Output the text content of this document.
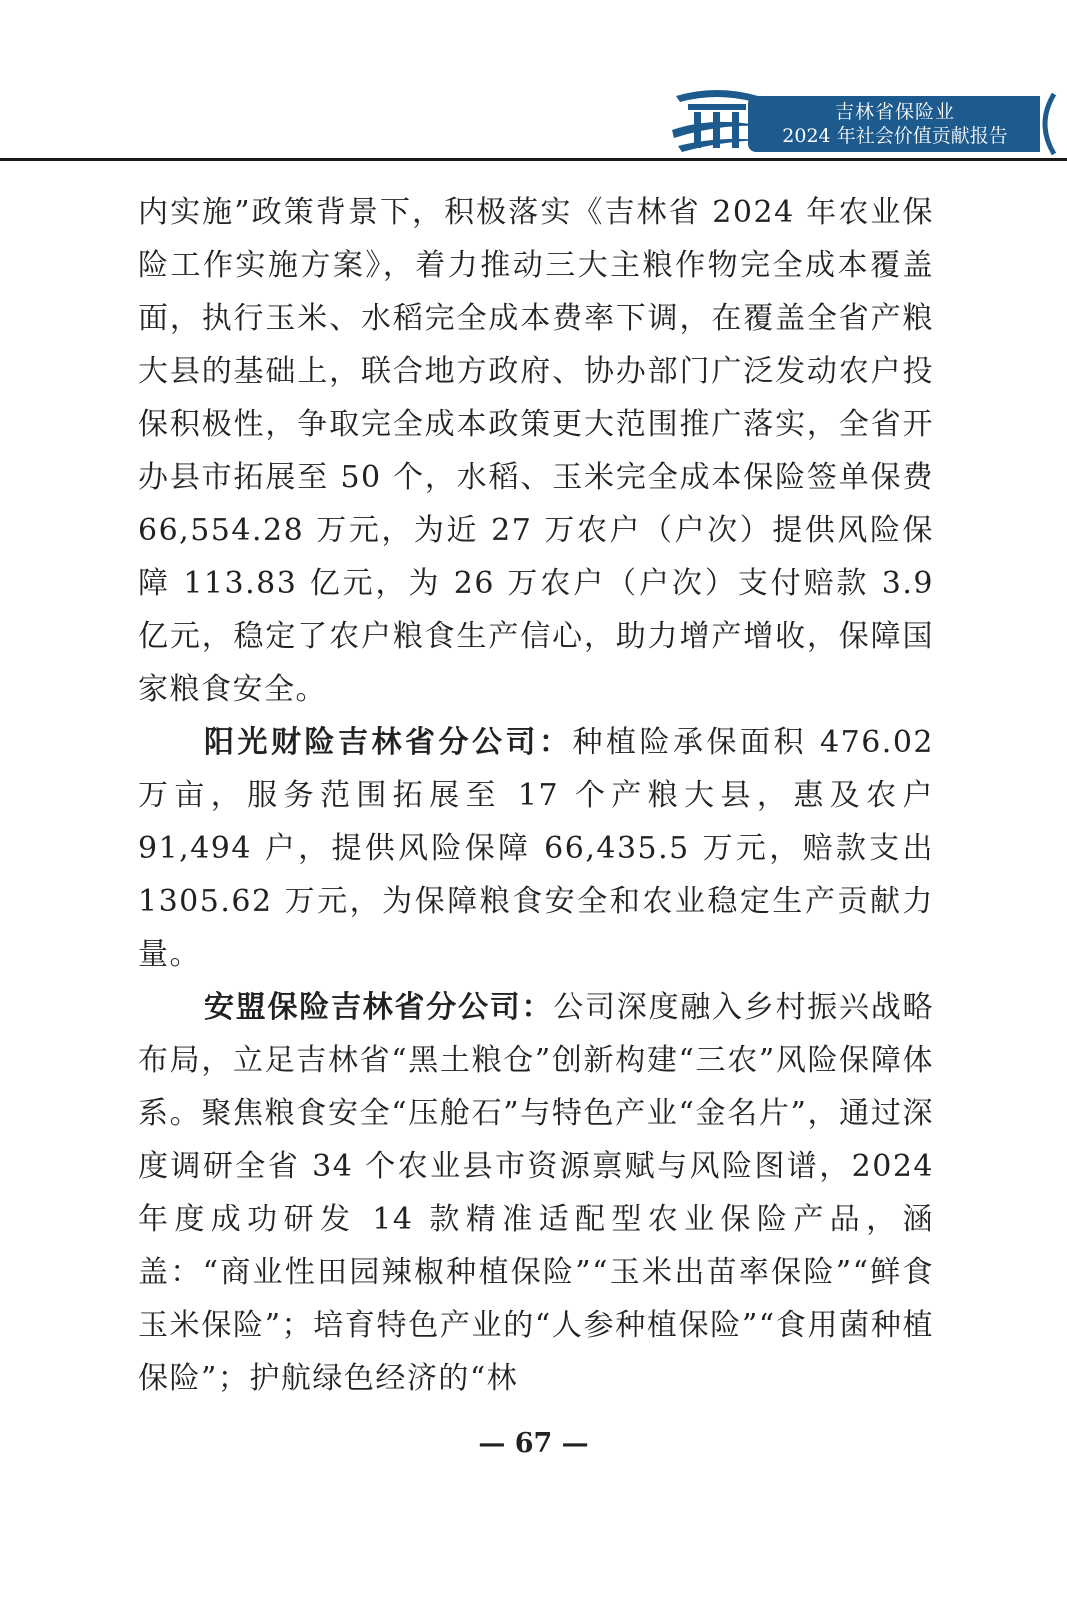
吉林省保险业
2024 年社会价值贡献报告

内实施”政策背景下，积极落实《吉林省 2024 年农业保险工作实施方案》，着力推动三大主粮作物完全成本覆盖面，执行玉米、水稻完全成本费率下调，在覆盖全省产粮大县的基础上，联合地方政府、协办部门广泛发动农户投保积极性，争取完全成本政策更大范围推广落实，全省开办县市拓展至 50 个，水稻、玉米完全成本保险签单保费 66,554.28 万元，为近 27 万农户（户次）提供风险保障 113.83 亿元，为 26 万农户（户次）支付赔款 3.9 亿元，稳定了农户粮食生产信心，助力增产增收，保障国家粮食安全。

阳光财险吉林省分公司：种植险承保面积 476.02 万亩，服务范围拓展至 17 个产粮大县，惠及农户 91,494 户，提供风险保障 66,435.5 万元，赔款支出 1305.62 万元，为保障粮食安全和农业稳定生产贡献力量。

安盟保险吉林省分公司：公司深度融入乡村振兴战略布局，立足吉林省“黑土粮仓”创新构建“三农”风险保障体系。聚焦粮食安全“压舱石”与特色产业“金名片”，通过深度调研全省 34 个农业县市资源禀赋与风险图谱，2024 年度成功研发 14 款精准适配型农业保险产品，涵盖：“商业性田园辣椒种植保险”“玉米出苗率保险”“鲜食玉米保险”；培育特色产业的“人参种植保险”“食用菌种植保险”；护航绿色经济的“林

— 67 —
